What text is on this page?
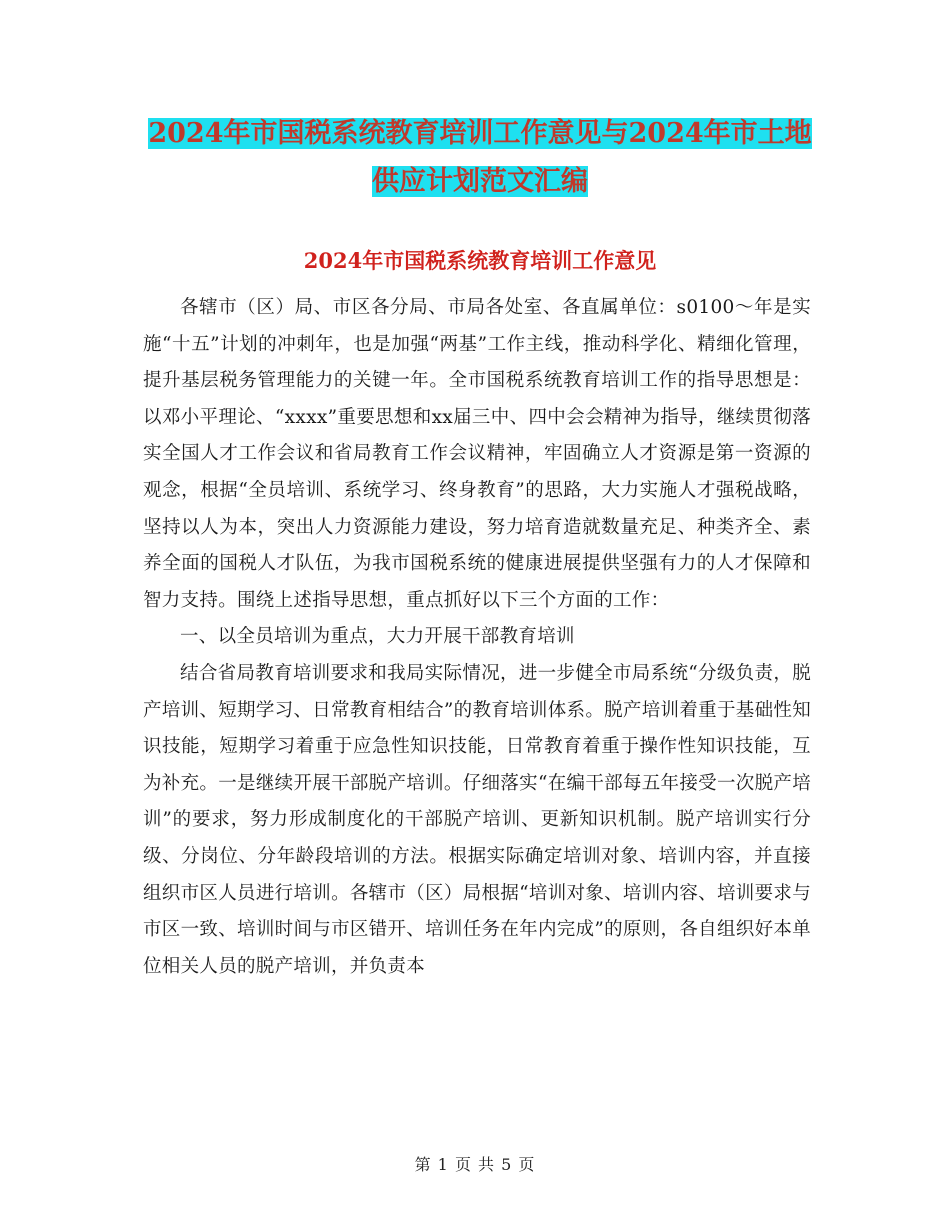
2024年市国税系统教育培训工作意见与2024年市土地
供应计划范文汇编
2024年市国税系统教育培训工作意见

各辖市（区）局、市区各分局、市局各处室、各直属单位：s0100～年是实施“十五”计划的冲刺年，也是加强“两基”工作主线，推动科学化、精细化管理，提升基层税务管理能力的关键一年。全市国税系统教育培训工作的指导思想是：以邓小平理论、“xxxx”重要思想和xx届三中、四中会会精神为指导，继续贯彻落实全国人才工作会议和省局教育工作会议精神，牢固确立人才资源是第一资源的观念，根据“全员培训、系统学习、终身教育”的思路，大力实施人才强税战略，坚持以人为本，突出人力资源能力建设，努力培育造就数量充足、种类齐全、素养全面的国税人才队伍，为我市国税系统的健康进展提供坚强有力的人才保障和智力支持。围绕上述指导思想，重点抓好以下三个方面的工作：

一、以全员培训为重点，大力开展干部教育培训

结合省局教育培训要求和我局实际情况，进一步健全市局系统“分级负责，脱产培训、短期学习、日常教育相结合”的教育培训体系。脱产培训着重于基础性知识技能，短期学习着重于应急性知识技能，日常教育着重于操作性知识技能，互为补充。一是继续开展干部脱产培训。仔细落实“在编干部每五年接受一次脱产培训”的要求，努力形成制度化的干部脱产培训、更新知识机制。脱产培训实行分级、分岗位、分年龄段培训的方法。根据实际确定培训对象、培训内容，并直接组织市区人员进行培训。各辖市（区）局根据“培训对象、培训内容、培训要求与市区一致、培训时间与市区错开、培训任务在年内完成”的原则，各自组织好本单位相关人员的脱产培训，并负责本

第 1 页 共 5 页
